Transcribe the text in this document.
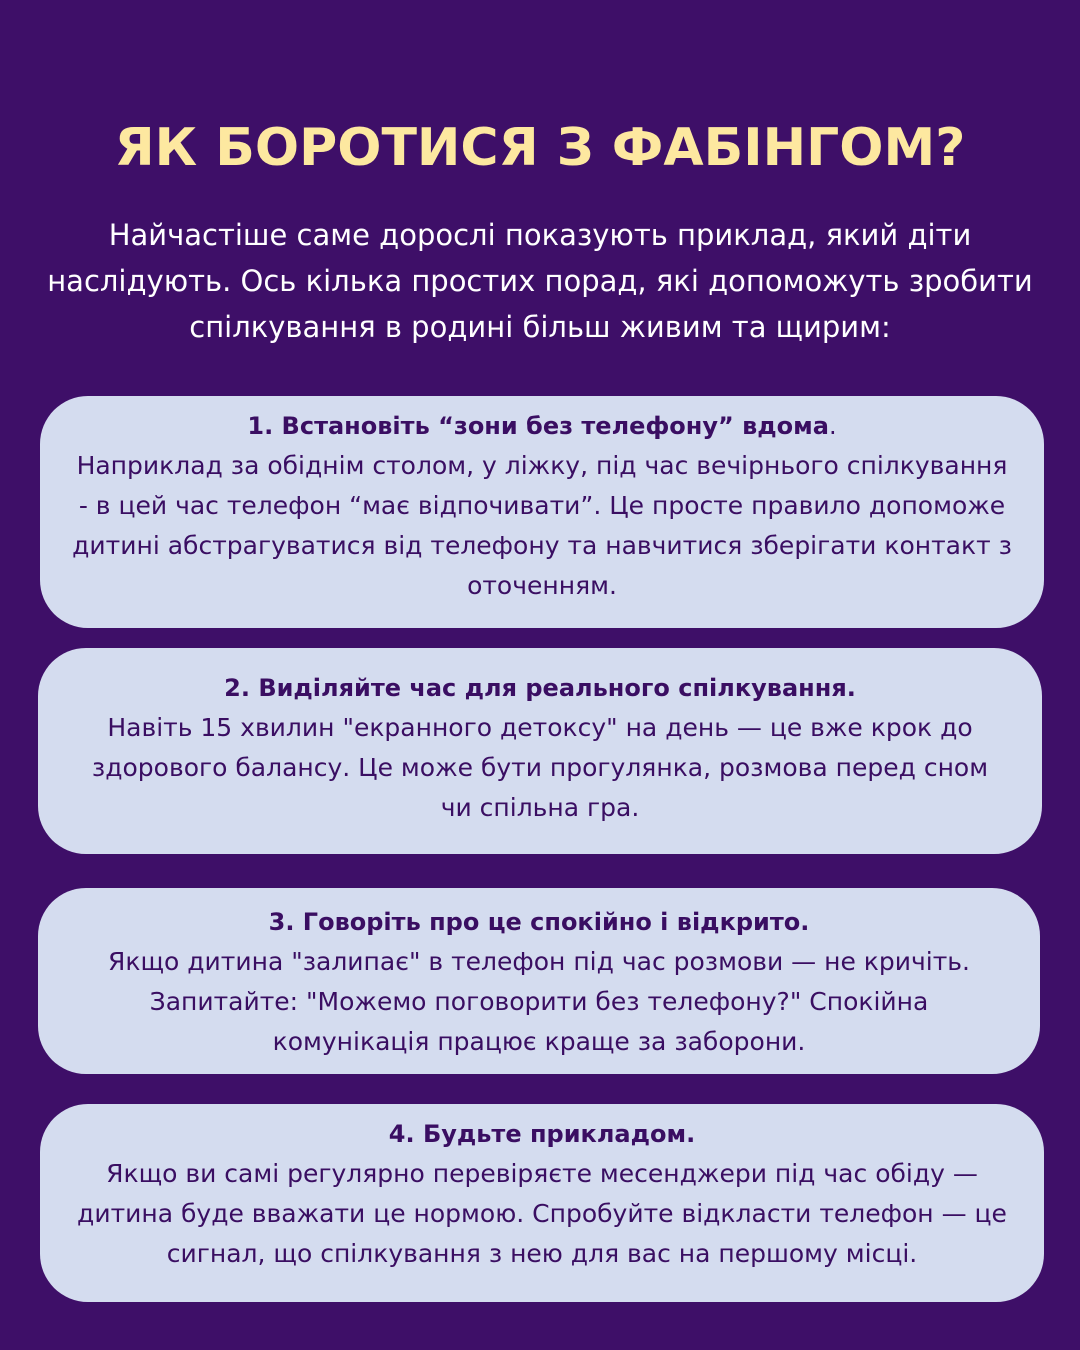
ЯК БОРОТИСЯ З ФАБІНГОМ?

Найчастіше саме дорослі показують приклад, який діти наслідують. Ось кілька простих порад, які допоможуть зробити спілкування в родині більш живим та щирим:

1. Встановіть “зони без телефону” вдома.
Наприклад за обіднім столом, у ліжку, під час вечірнього спілкування - в цей час телефон “має відпочивати”. Це просте правило допоможе дитині абстрагуватися від телефону та навчитися зберігати контакт з оточенням.
2. Виділяйте час для реального спілкування.
Навіть 15 хвилин "екранного детоксу" на день — це вже крок до здорового балансу. Це може бути прогулянка, розмова перед сном чи спільна гра.
3. Говоріть про це спокійно і відкрито.
Якщо дитина "залипає" в телефон під час розмови — не кричіть. Запитайте: "Можемо поговорити без телефону?" Спокійна комунікація працює краще за заборони.
4. Будьте прикладом.
Якщо ви самі регулярно перевіряєте месенджери під час обіду — дитина буде вважати це нормою. Спробуйте відкласти телефон — це сигнал, що спілкування з нею для вас на першому місці.
